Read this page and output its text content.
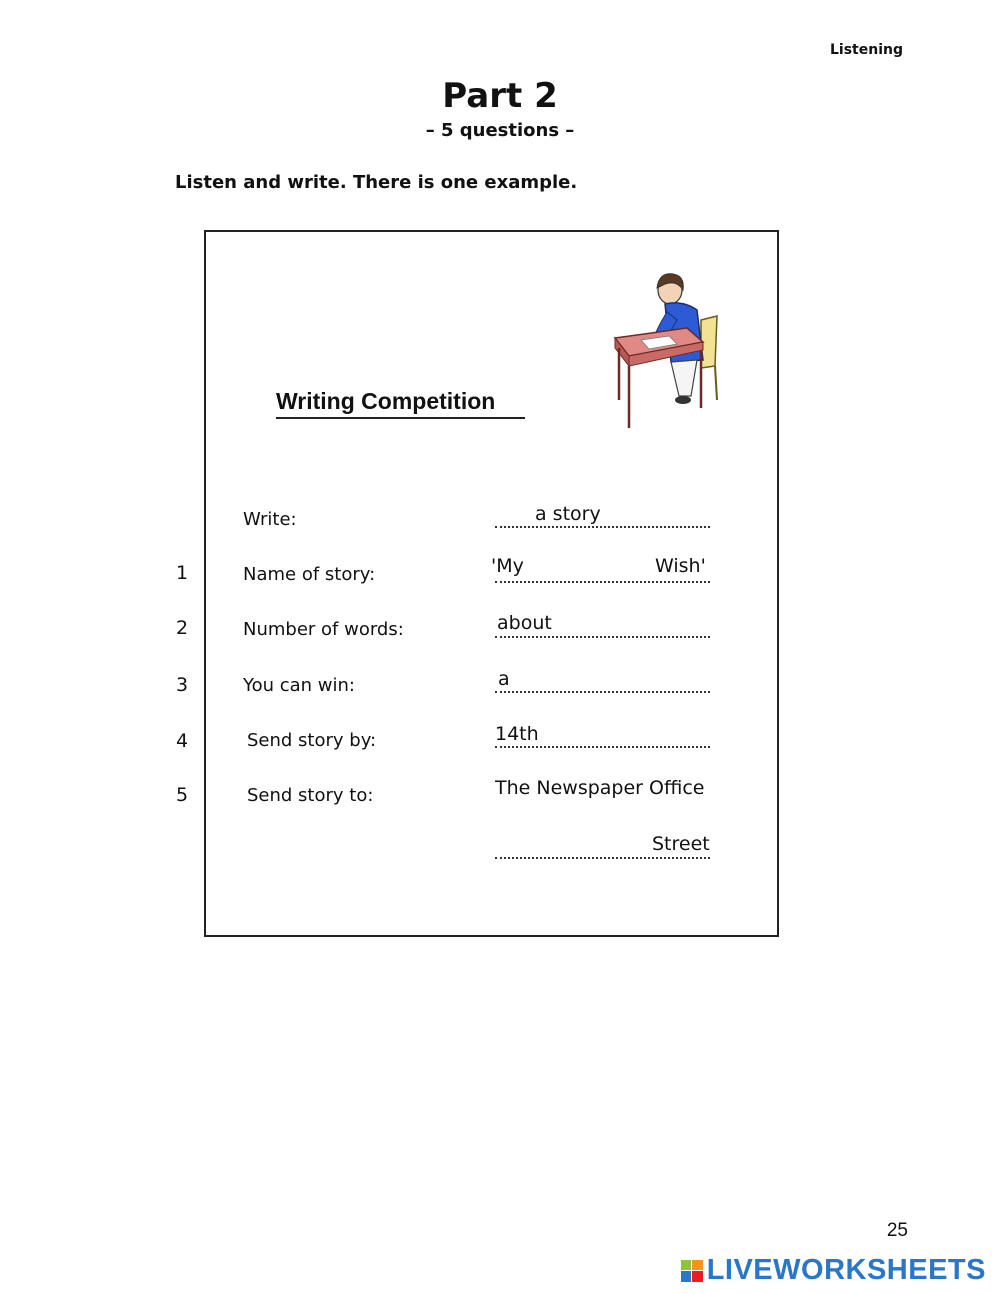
Listening
Part 2
– 5 questions –
Listen and write. There is one example.
Writing Competition
Write:	a story
1	Name of story:	'My	Wish'
2	Number of words:	about
3	You can win:	a
4	Send story by:	14th
5	Send story to:	The Newspaper Office
Street
25
LIVEWORKSHEETS
